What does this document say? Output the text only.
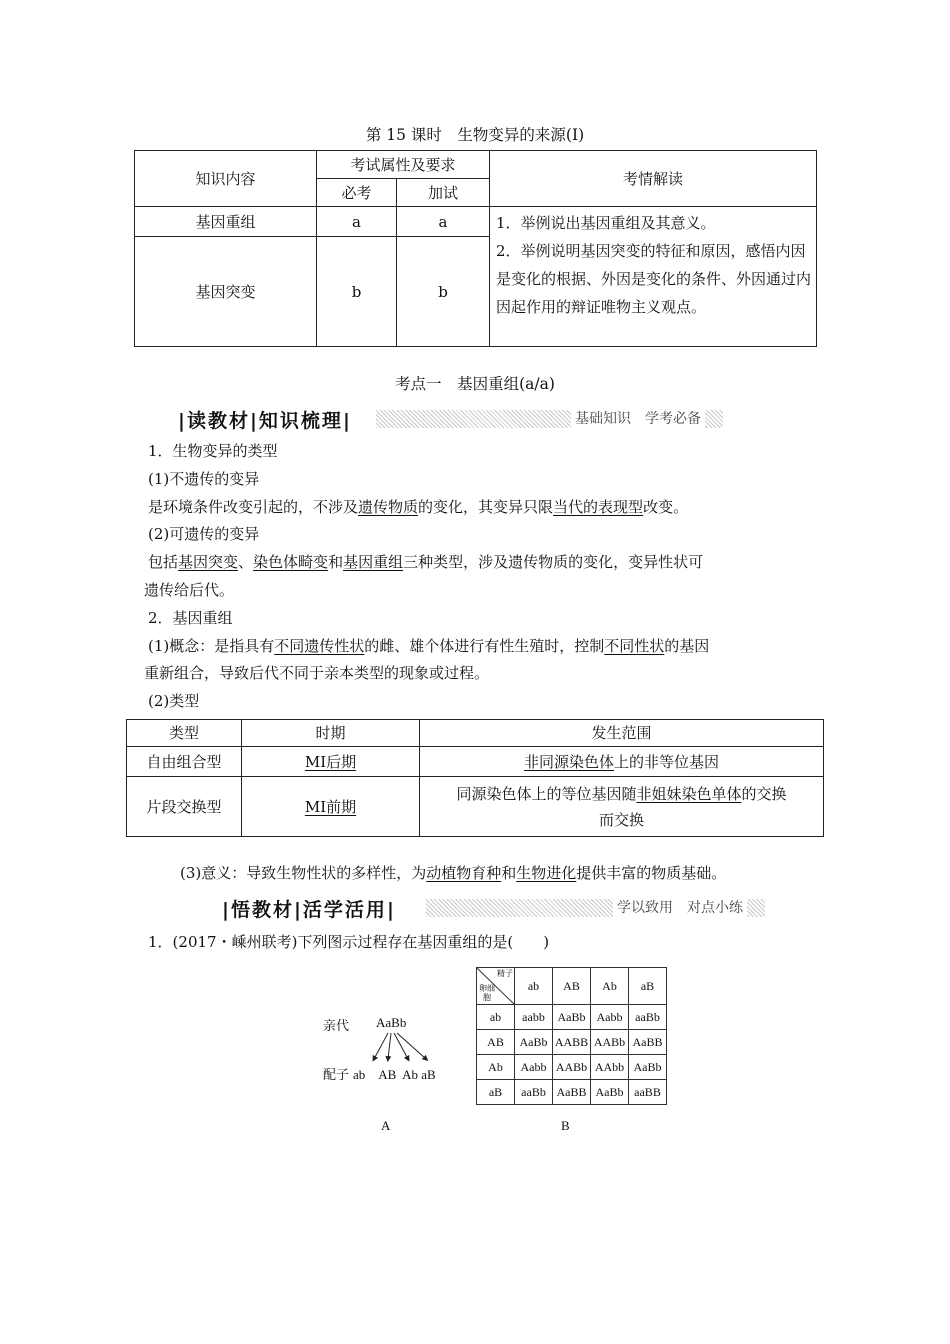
第 15 课时　生物变异的来源(Ⅰ)
知识内容	考试属性及要求		考情解读
	必考	加试	
基因重组	a	a	1．举例说出基因重组及其意义。
2．举例说明基因突变的特征和原因，感悟内因是变化的根据、外因是变化的条件、外因通过内因起作用的辩证唯物主义观点。

基因突变	b	b	
考点一　基因重组(a/a)
|读教材|知识梳理|	基础知识　学考必备
1．生物变异的类型
(1)不遗传的变异
是环境条件改变引起的，不涉及遗传物质的变化，其变异只限当代的表现型改变。
(2)可遗传的变异
包括基因突变、染色体畸变和基因重组三种类型，涉及遗传物质的变化，变异性状可
遗传给后代。
2．基因重组
(1)概念：是指具有不同遗传性状的雌、雄个体进行有性生殖时，控制不同性状的基因
重新组合，导致后代不同于亲本类型的现象或过程。
(2)类型
类型	时期	发生范围
自由组合型	MⅠ后期	非同源染色体上的非等位基因
片段交换型	MⅠ前期	同源染色体上的等位基因随非姐妹染色单体的交换
而交换
(3)意义：导致生物性状的多样性，为动植物育种和生物进化提供丰富的物质基础。
|悟教材|活学活用|	学以致用　对点小练
1．(2017・嵊州联考)下列图示过程存在基因重组的是(　　)
亲代 AaBb
配子 ab　AB  Ab aB
A
精子
卵细胞	ab	AB	Ab	aB
ab	aabb	AaBb	Aabb	aaBb
AB	AaBb	AABB	AABb	AaBB
Ab	Aabb	AABb	AAbb	AaBb
aB	aaBb	AaBB	AaBb	aaBB
B
